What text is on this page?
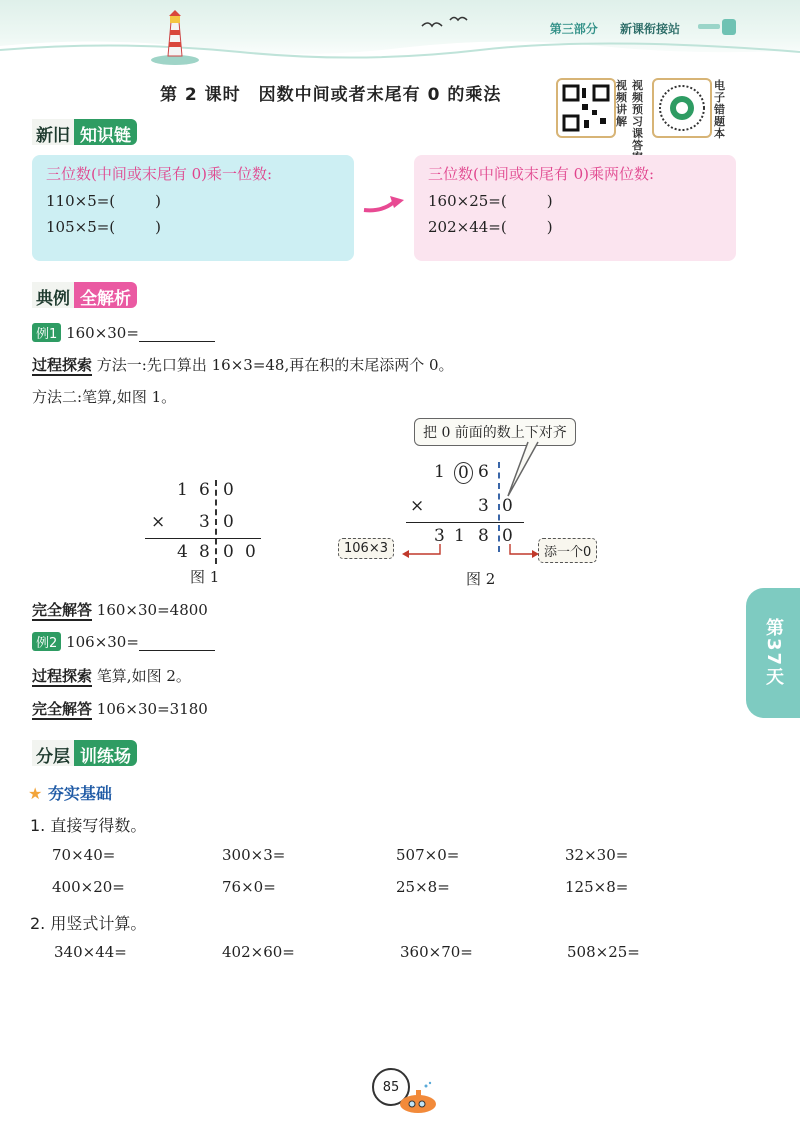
第三部分 新课衔接站
第 2 课时 因数中间或者末尾有 0 的乘法	视频讲解
视频预习课答
电子错题本
新旧 知识链
三位数(中间或末尾有 0)乘一位数:
110×5=(	)
105×5=(	)
三位数(中间或末尾有 0)乘两位数:
160×25=(	)
202×44=(	)
典例 全解析
例1 160×30=
过程探索 方法一:先口算出 16×3=48,再在积的末尾添两个 0。
方法二:笔算,如图 1。
1 6 0
× 3 0
4 8 0 0
图 1
把 0 前面的数上下对齐
1 0 6
×	3 0
3 1 8 0
106×3	添一个0
图 2
完全解答 160×30=4800
例2 106×30=
过程探索 笔算,如图 2。
完全解答 106×30=3180
第37天
分层 训练场
★ 夯实基础
1. 直接写得数。
70×40=	300×3=	507×0=	32×30=
400×20=	76×0=	25×8=	125×8=
2. 用竖式计算。
340×44=	402×60=	360×70=	508×25=
85
